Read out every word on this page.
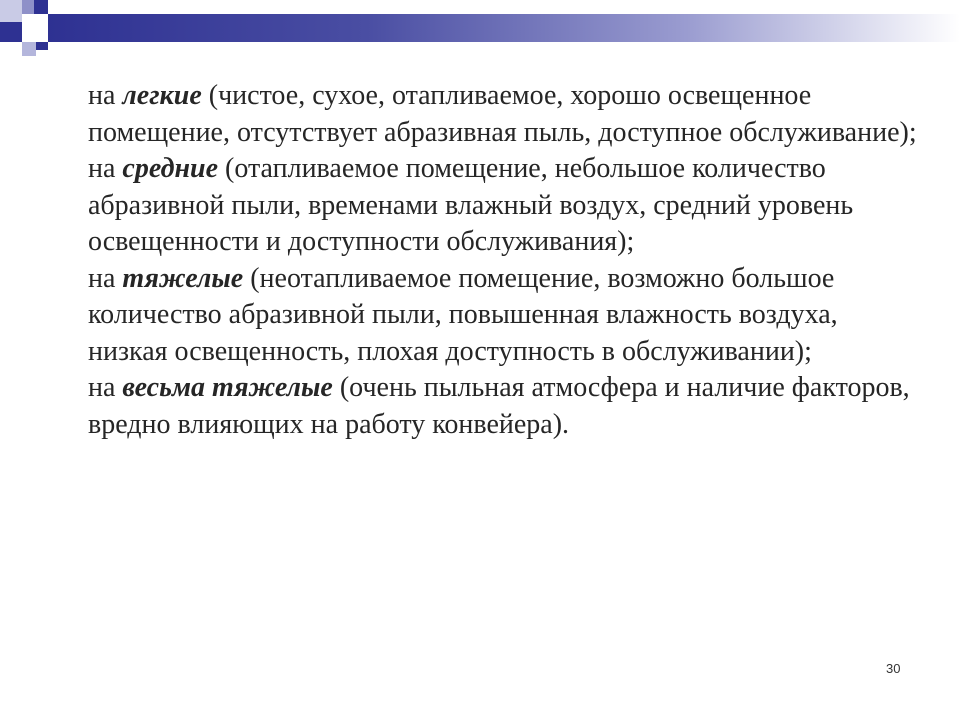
на легкие (чистое, сухое, отапливаемое, хорошо освещенное помещение, отсутствует абразивная пыль, доступное обслуживание);

на средние (отапливаемое помещение, небольшое количество абразивной пыли, временами влажный воздух, средний уровень освещенности и доступности обслуживания);

на тяжелые (неотапливаемое помещение, возможно большое количество абразивной пыли, повышенная влажность воздуха, низкая освещенность, плохая доступность в обслуживании);

на весьма тяжелые (очень пыльная атмосфера и наличие факторов, вредно влияющих на работу конвейера).

30
